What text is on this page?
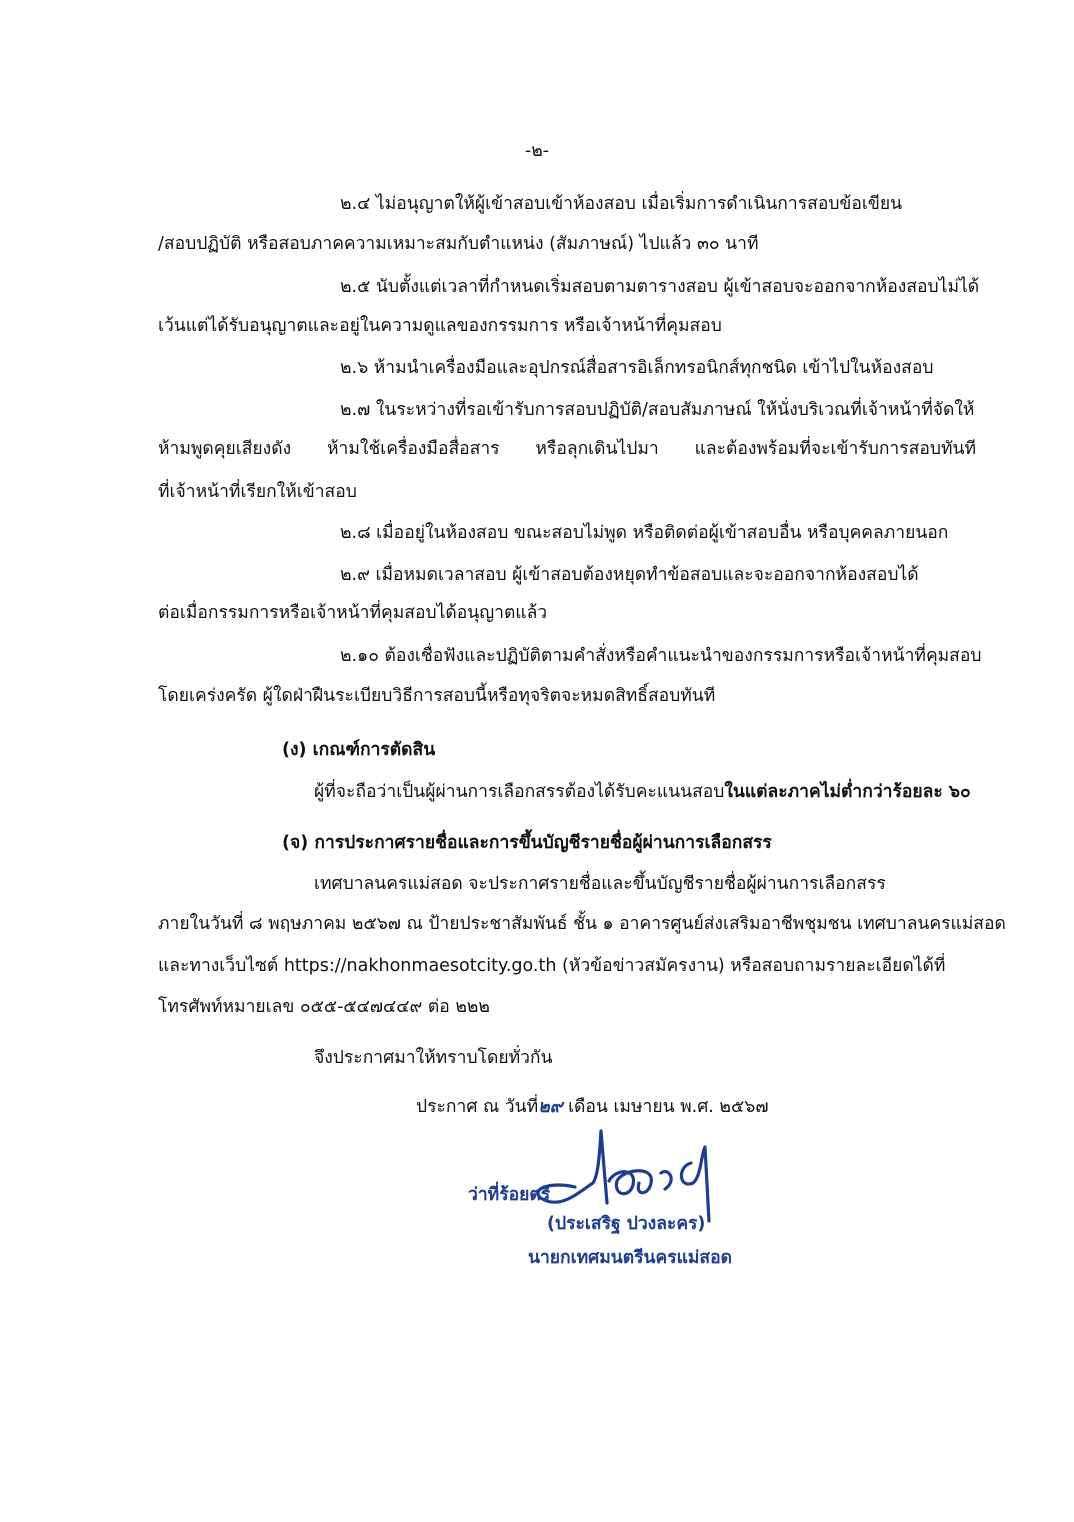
-๒-
๒.๔ ไม่อนุญาตให้ผู้เข้าสอบเข้าห้องสอบ เมื่อเริ่มการดำเนินการสอบข้อเขียน
/สอบปฏิบัติ หรือสอบภาคความเหมาะสมกับตำแหน่ง (สัมภาษณ์) ไปแล้ว ๓๐ นาที
๒.๕ นับตั้งแต่เวลาที่กำหนดเริ่มสอบตามตารางสอบ ผู้เข้าสอบจะออกจากห้องสอบไม่ได้
เว้นแต่ได้รับอนุญาตและอยู่ในความดูแลของกรรมการ หรือเจ้าหน้าที่คุมสอบ
๒.๖ ห้ามนำเครื่องมือและอุปกรณ์สื่อสารอิเล็กทรอนิกส์ทุกชนิด เข้าไปในห้องสอบ
๒.๗ ในระหว่างที่รอเข้ารับการสอบปฏิบัติ/สอบสัมภาษณ์ ให้นั่งบริเวณที่เจ้าหน้าที่จัดให้
ห้ามพูดคุยเสียงดัง ห้ามใช้เครื่องมือสื่อสาร หรือลุกเดินไปมา และต้องพร้อมที่จะเข้ารับการสอบทันที
ที่เจ้าหน้าที่เรียกให้เข้าสอบ
๒.๘ เมื่ออยู่ในห้องสอบ ขณะสอบไม่พูด หรือติดต่อผู้เข้าสอบอื่น หรือบุคคลภายนอก
๒.๙ เมื่อหมดเวลาสอบ ผู้เข้าสอบต้องหยุดทำข้อสอบและจะออกจากห้องสอบได้
ต่อเมื่อกรรมการหรือเจ้าหน้าที่คุมสอบได้อนุญาตแล้ว
๒.๑๐ ต้องเชื่อฟังและปฏิบัติตามคำสั่งหรือคำแนะนำของกรรมการหรือเจ้าหน้าที่คุมสอบ
โดยเคร่งครัด ผู้ใดฝ่าฝืนระเบียบวิธีการสอบนี้หรือทุจริตจะหมดสิทธิ์สอบทันที
(ง) เกณฑ์การตัดสิน
ผู้ที่จะถือว่าเป็นผู้ผ่านการเลือกสรรต้องได้รับคะแนนสอบในแต่ละภาคไม่ต่ำกว่าร้อยละ ๖๐
(จ) การประกาศรายชื่อและการขึ้นบัญชีรายชื่อผู้ผ่านการเลือกสรร
เทศบาลนครแม่สอด จะประกาศรายชื่อและขึ้นบัญชีรายชื่อผู้ผ่านการเลือกสรร
ภายในวันที่ ๘ พฤษภาคม ๒๕๖๗ ณ ป้ายประชาสัมพันธ์ ชั้น ๑ อาคารศูนย์ส่งเสริมอาชีพชุมชน เทศบาลนครแม่สอด
และทางเว็บไซต์ https://nakhonmaesotcity.go.th (หัวข้อข่าวสมัครงาน) หรือสอบถามรายละเอียดได้ที่
โทรศัพท์หมายเลข ๐๕๕-๕๔๗๔๔๙ ต่อ ๒๒๒
จึงประกาศมาให้ทราบโดยทั่วกัน
ประกาศ ณ วันที่๒๙ เดือน เมษายน พ.ศ. ๒๕๖๗
ว่าที่ร้อยตรี
(ประเสริฐ ปวงละคร)
นายกเทศมนตรีนครแม่สอด
